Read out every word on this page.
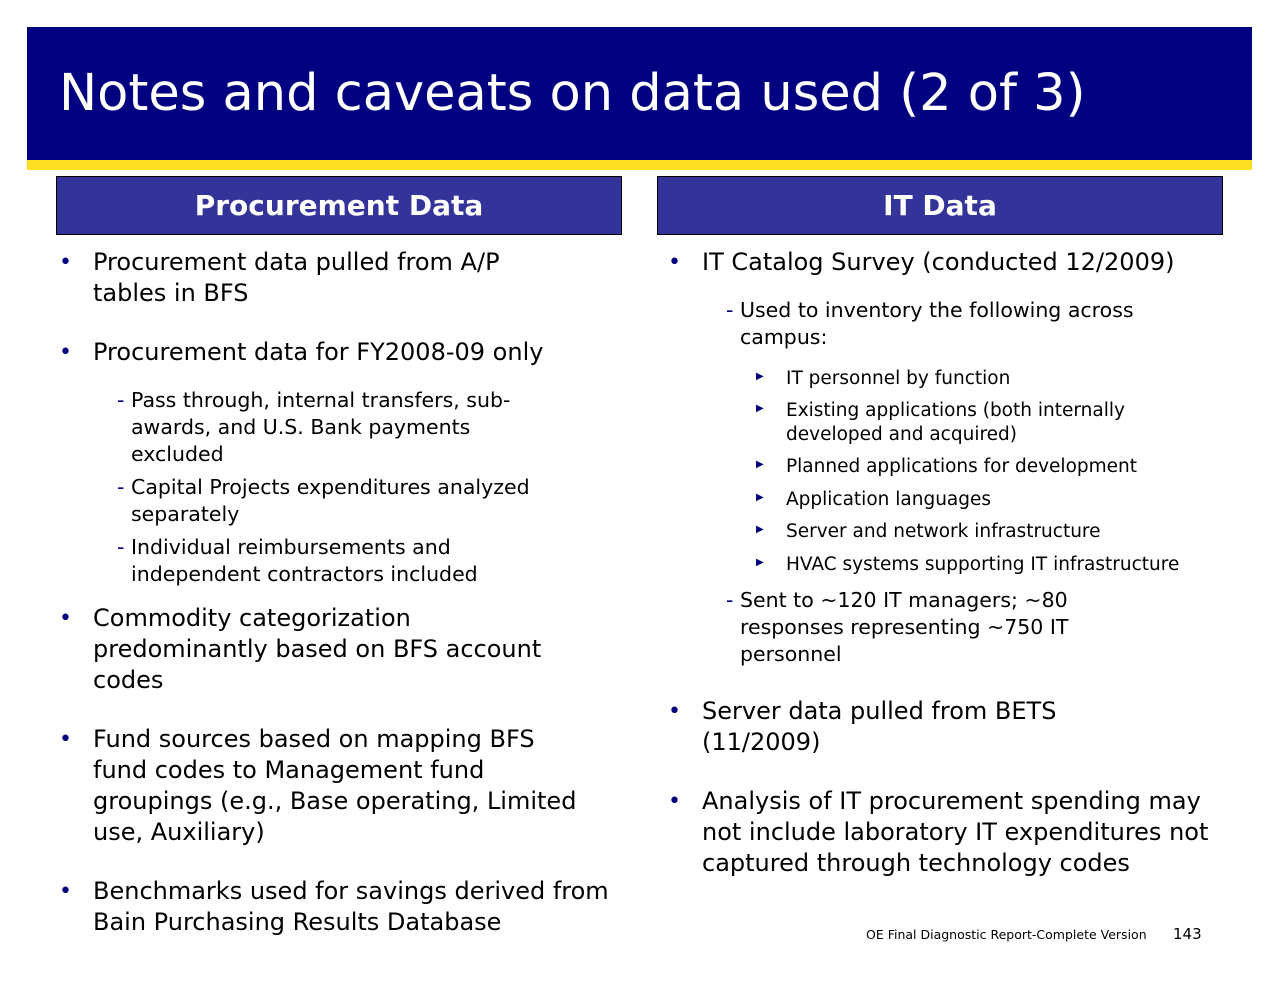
Notes and caveats on data used (2 of 3)
Procurement Data	IT Data
• Procurement data pulled from A/P tables in BFS
• Procurement data for FY2008-09 only
- Pass through, internal transfers, sub-awards, and U.S. Bank payments excluded
- Capital Projects expenditures analyzed separately
- Individual reimbursements and independent contractors included
• Commodity categorization predominantly based on BFS account codes
• Fund sources based on mapping BFS fund codes to Management fund groupings (e.g., Base operating, Limited use, Auxiliary)
• Benchmarks used for savings derived from Bain Purchasing Results Database
• IT Catalog Survey (conducted 12/2009)
- Used to inventory the following across campus:
▶ IT personnel by function
▶ Existing applications (both internally developed and acquired)
▶ Planned applications for development
▶ Application languages
▶ Server and network infrastructure
▶ HVAC systems supporting IT infrastructure
- Sent to ~120 IT managers; ~80 responses representing ~750 IT personnel
• Server data pulled from BETS (11/2009)
• Analysis of IT procurement spending may not include laboratory IT expenditures not captured through technology codes
OE Final Diagnostic Report-Complete Version 143
